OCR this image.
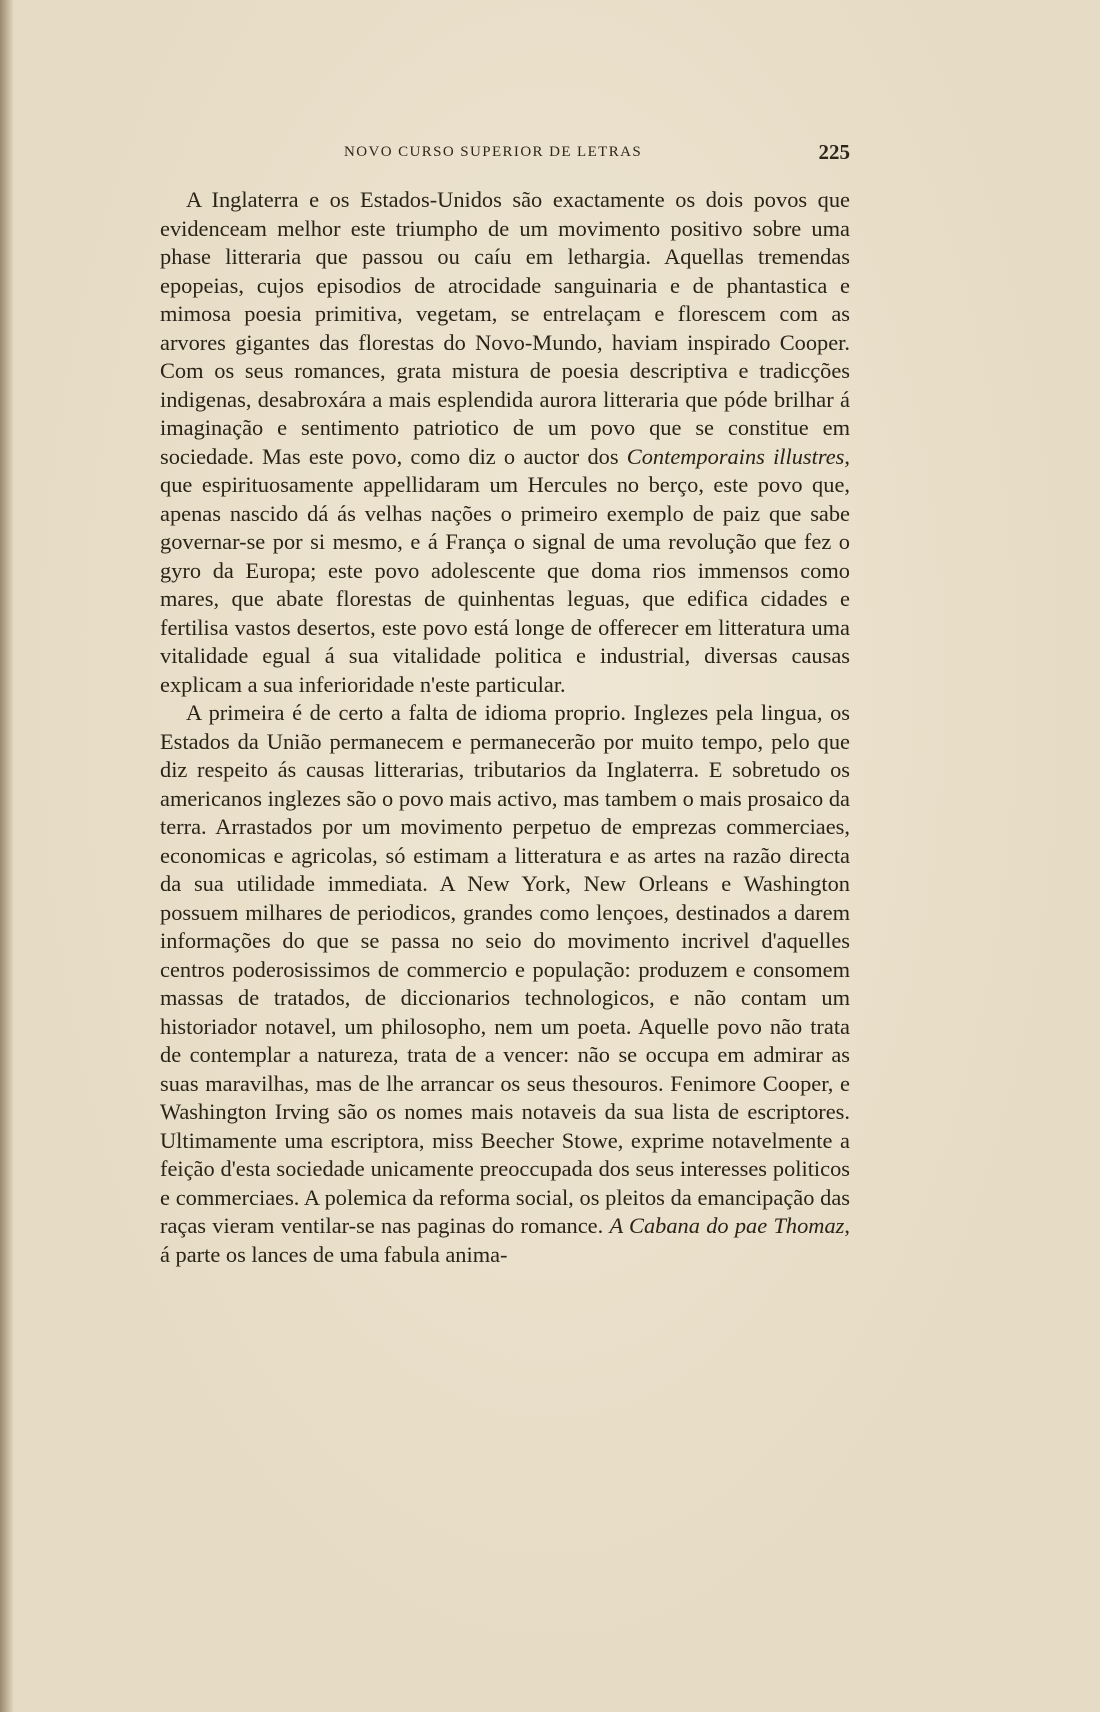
NOVO CURSO SUPERIOR DE LETRAS	225

A Inglaterra e os Estados-Unidos são exactamente os dois povos que evidenceam melhor este triumpho de um movimento positivo sobre uma phase litteraria que passou ou caíu em lethargia. Aquellas tremendas epopeias, cujos episodios de atrocidade sanguinaria e de phantastica e mimosa poesia primitiva, vegetam, se entrelaçam e florescem com as arvores gigantes das florestas do Novo-Mundo, haviam inspirado Cooper. Com os seus romances, grata mistura de poesia descriptiva e tradicções indigenas, desabroxára a mais esplendida aurora litteraria que póde brilhar á imaginação e sentimento patriotico de um povo que se constitue em sociedade. Mas este povo, como diz o auctor dos Contemporains illustres, que espirituosamente appellidaram um Hercules no berço, este povo que, apenas nascido dá ás velhas nações o primeiro exemplo de paiz que sabe governar-se por si mesmo, e á França o signal de uma revolução que fez o gyro da Europa; este povo adolescente que doma rios immensos como mares, que abate florestas de quinhentas leguas, que edifica cidades e fertilisa vastos desertos, este povo está longe de offerecer em litteratura uma vitalidade egual á sua vitalidade politica e industrial, diversas causas explicam a sua inferioridade n'este particular.

A primeira é de certo a falta de idioma proprio. Inglezes pela lingua, os Estados da União permanecem e permanecerão por muito tempo, pelo que diz respeito ás causas litterarias, tributarios da Inglaterra. E sobretudo os americanos inglezes são o povo mais activo, mas tambem o mais prosaico da terra. Arrastados por um movimento perpetuo de emprezas commerciaes, economicas e agricolas, só estimam a litteratura e as artes na razão directa da sua utilidade immediata. A New York, New Orleans e Washington possuem milhares de periodicos, grandes como lençoes, destinados a darem informações do que se passa no seio do movimento incrivel d'aquelles centros poderosissimos de commercio e população: produzem e consomem massas de tratados, de diccionarios technologicos, e não contam um historiador notavel, um philosopho, nem um poeta. Aquelle povo não trata de contemplar a natureza, trata de a vencer: não se occupa em admirar as suas maravilhas, mas de lhe arrancar os seus thesouros. Fenimore Cooper, e Washington Irving são os nomes mais notaveis da sua lista de escriptores. Ultimamente uma escriptora, miss Beecher Stowe, exprime notavelmente a feição d'esta sociedade unicamente preoccupada dos seus interesses politicos e commerciaes. A polemica da reforma social, os pleitos da emancipação das raças vieram ventilar-se nas paginas do romance. A Cabana do pae Thomaz, á parte os lances de uma fabula anima-
